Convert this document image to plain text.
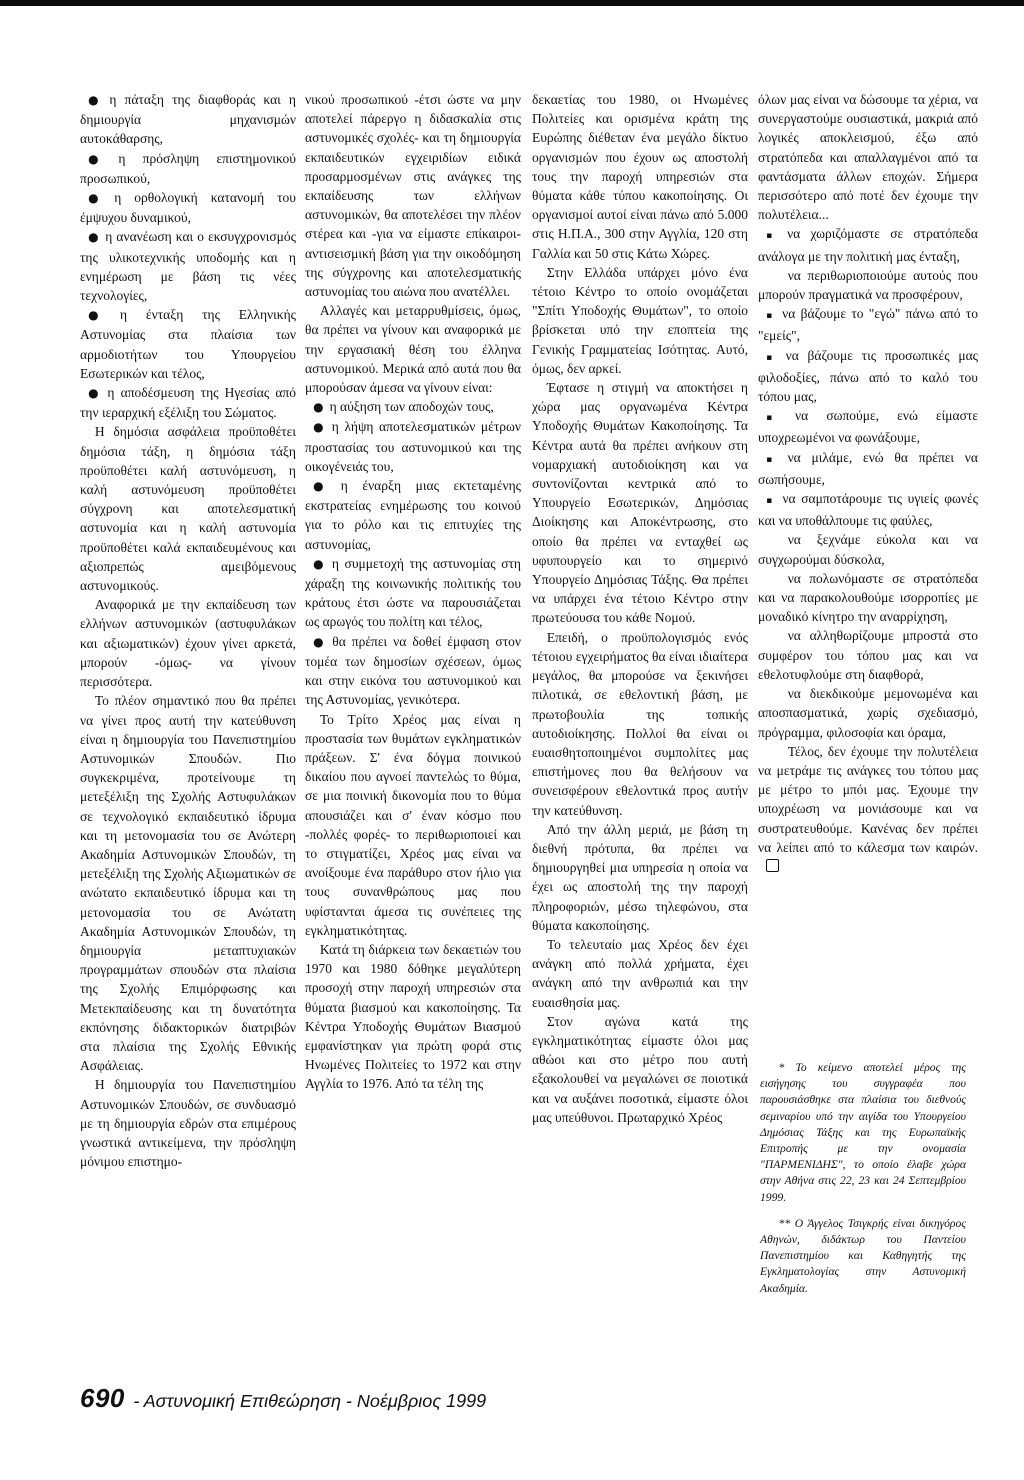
● η πάταξη της διαφθοράς και η δημιουργία μηχανισμών αυτοκάθαρσης,

● η πρόσληψη επιστημονικού προσωπικού,

● η ορθολογική κατανομή του έμψυχου δυναμικού,

● η ανανέωση και ο εκσυγχρονισμός της υλικοτεχνικής υποδομής και η ενημέρωση με βάση τις νέες τεχνολογίες,

● η ένταξη της Ελληνικής Αστυνομίας στα πλαίσια των αρμοδιοτήτων του Υπουργείου Εσωτερικών και τέλος,

● η αποδέσμευση της Ηγεσίας από την ιεραρχική εξέλιξη του Σώματος.

Η δημόσια ασφάλεια προϋποθέτει δημόσια τάξη, η δημόσια τάξη προϋποθέτει καλή αστυνόμευση, η καλή αστυνόμευση προϋποθέτει σύγχρονη και αποτελεσματική αστυνομία και η καλή αστυνομία προϋποθέτει καλά εκπαιδευμένους και αξιοπρεπώς αμειβόμενους αστυνομικούς.

Αναφορικά με την εκπαίδευση των ελλήνων αστυνομικών (αστυφυλάκων και αξιωματικών) έχουν γίνει αρκετά, μπορούν -όμως- να γίνουν περισσότερα.

Το πλέον σημαντικό που θα πρέπει να γίνει προς αυτή την κατεύθυνση είναι η δημιουργία του Πανεπιστημίου Αστυνομικών Σπουδών. Πιο συγκεκριμένα, προτείνουμε τη μετεξέλιξη της Σχολής Αστυφυλάκων σε τεχνολογικό εκπαιδευτικό ίδρυμα και τη μετονομασία του σε Ανώτερη Ακαδημία Αστυνομικών Σπουδών, τη μετεξέλιξη της Σχολής Αξιωματικών σε ανώτατο εκπαιδευτικό ίδρυμα και τη μετονομασία του σε Ανώτατη Ακαδημία Αστυνομικών Σπουδών, τη δημιουργία μεταπτυχιακών προγραμμάτων σπουδών στα πλαίσια της Σχολής Επιμόρφωσης και Μετεκπαίδευσης και τη δυνατότητα εκπόνησης διδακτορικών διατριβών στα πλαίσια της Σχολής Εθνικής Ασφάλειας.

Η δημιουργία του Πανεπιστημίου Αστυνομικών Σπουδών, σε συνδυασμό με τη δημιουργία εδρών στα επιμέρους γνωστικά αντικείμενα, την πρόσληψη μόνιμου επιστημο-

νικού προσωπικού -έτσι ώστε να μην αποτελεί πάρεργο η διδασκαλία στις αστυνομικές σχολές- και τη δημιουργία εκπαιδευτικών εγχειριδίων ειδικά προσαρμοσμένων στις ανάγκες της εκπαίδευσης των ελλήνων αστυνομικών, θα αποτελέσει την πλέον στέρεα και -για να είμαστε επίκαιροι- αντισεισμική βάση για την οικοδόμηση της σύγχρονης και αποτελεσματικής αστυνομίας του αιώνα που ανατέλλει.

Αλλαγές και μεταρρυθμίσεις, όμως, θα πρέπει να γίνουν και αναφορικά με την εργασιακή θέση του έλληνα αστυνομικού. Μερικά από αυτά που θα μπορούσαν άμεσα να γίνουν είναι:

● η αύξηση των αποδοχών τους,

● η λήψη αποτελεσματικών μέτρων προστασίας του αστυνομικού και της οικογένειάς του,

● η έναρξη μιας εκτεταμένης εκστρατείας ενημέρωσης του κοινού για το ρόλο και τις επιτυχίες της αστυνομίας,

● η συμμετοχή της αστυνομίας στη χάραξη της κοινωνικής πολιτικής του κράτους έτσι ώστε να παρουσιάζεται ως αρωγός του πολίτη και τέλος,

● θα πρέπει να δοθεί έμφαση στον τομέα των δημοσίων σχέσεων, όμως και στην εικόνα του αστυνομικού και της Αστυνομίας, γενικότερα.

Το Τρίτο Χρέος μας είναι η προστασία των θυμάτων εγκληματικών πράξεων. Σ' ένα δόγμα ποινικού δικαίου που αγνοεί παντελώς το θύμα, σε μια ποινική δικονομία που το θύμα απουσιάζει και σ' έναν κόσμο που -πολλές φορές- το περιθωριοποιεί και το στιγματίζει, Χρέος μας είναι να ανοίξουμε ένα παράθυρο στον ήλιο για τους συνανθρώπους μας που υφίστανται άμεσα τις συνέπειες της εγκληματικότητας.

Κατά τη διάρκεια των δεκαετιών του 1970 και 1980 δόθηκε μεγαλύτερη προσοχή στην παροχή υπηρεσιών στα θύματα βιασμού και κακοποίησης. Τα Κέντρα Υποδοχής Θυμάτων Βιασμού εμφανίστηκαν για πρώτη φορά στις Ηνωμένες Πολιτείες το 1972 και στην Αγγλία το 1976. Από τα τέλη της

δεκαετίας του 1980, οι Ηνωμένες Πολιτείες και ορισμένα κράτη της Ευρώπης διέθεταν ένα μεγάλο δίκτυο οργανισμών που έχουν ως αποστολή τους την παροχή υπηρεσιών στα θύματα κάθε τύπου κακοποίησης. Οι οργανισμοί αυτοί είναι πάνω από 5.000 στις Η.Π.Α., 300 στην Αγγλία, 120 στη Γαλλία και 50 στις Κάτω Χώρες.

Στην Ελλάδα υπάρχει μόνο ένα τέτοιο Κέντρο το οποίο ονομάζεται "Σπίτι Υποδοχής Θυμάτων", το οποίο βρίσκεται υπό την εποπτεία της Γενικής Γραμματείας Ισότητας. Αυτό, όμως, δεν αρκεί.

Έφτασε η στιγμή να αποκτήσει η χώρα μας οργανωμένα Κέντρα Υποδοχής Θυμάτων Κακοποίησης. Τα Κέντρα αυτά θα πρέπει ανήκουν στη νομαρχιακή αυτοδιοίκηση και να συντονίζονται κεντρικά από το Υπουργείο Εσωτερικών, Δημόσιας Διοίκησης και Αποκέντρωσης, στο οποίο θα πρέπει να ενταχθεί ως υφυπουργείο και το σημερινό Υπουργείο Δημόσιας Τάξης. Θα πρέπει να υπάρχει ένα τέτοιο Κέντρο στην πρωτεύουσα του κάθε Νομού.

Επειδή, ο προϋπολογισμός ενός τέτοιου εγχειρήματος θα είναι ιδιαίτερα μεγάλος, θα μπορούσε να ξεκινήσει πιλοτικά, σε εθελοντική βάση, με πρωτοβουλία της τοπικής αυτοδιοίκησης. Πολλοί θα είναι οι ευαισθητοποιημένοι συμπολίτες μας επιστήμονες που θα θελήσουν να συνεισφέρουν εθελοντικά προς αυτήν την κατεύθυνση.

Από την άλλη μεριά, με βάση τη διεθνή πρότυπα, θα πρέπει να δημιουργηθεί μια υπηρεσία η οποία να έχει ως αποστολή της την παροχή πληροφοριών, μέσω τηλεφώνου, στα θύματα κακοποίησης.

Το τελευταίο μας Χρέος δεν έχει ανάγκη από πολλά χρήματα, έχει ανάγκη από την ανθρωπιά και την ευαισθησία μας.

Στον αγώνα κατά της εγκληματικότητας είμαστε όλοι μας αθώοι και στο μέτρο που αυτή εξακολουθεί να μεγαλώνει σε ποιοτικά και να αυξάνει ποσοτικά, είμαστε όλοι μας υπεύθυνοι. Πρωταρχικό Χρέος

όλων μας είναι να δώσουμε τα χέρια, να συνεργαστούμε ουσιαστικά, μακριά από λογικές αποκλεισμού, έξω από στρατόπεδα και απαλλαγμένοι από τα φαντάσματα άλλων εποχών. Σήμερα περισσότερο από ποτέ δεν έχουμε την πολυτέλεια...

▪ να χωριζόμαστε σε στρατόπεδα ανάλογα με την πολιτική μας ένταξη,

να περιθωριοποιούμε αυτούς που μπορούν πραγματικά να προσφέρουν,

▪ να βάζουμε το "εγώ" πάνω από το "εμείς",

▪ να βάζουμε τις προσωπικές μας φιλοδοξίες, πάνω από το καλό του τόπου μας,

▪ να σωπούμε, ενώ είμαστε υποχρεωμένοι να φωνάξουμε,

▪ να μιλάμε, ενώ θα πρέπει να σωπήσουμε,

▪ να σαμποτάρουμε τις υγιείς φωνές και να υποθάλπουμε τις φαύλες,

να ξεχνάμε εύκολα και να συγχωρούμαι δύσκολα,

να πολωνόμαστε σε στρατόπεδα και να παρακολουθούμε ισορροπίες με μοναδικό κίνητρο την αναρρίχηση,

να αλληθωρίζουμε μπροστά στο συμφέρον του τόπου μας και να εθελοτυφλούμε στη διαφθορά,

να διεκδικούμε μεμονωμένα και αποσπασματικά, χωρίς σχεδιασμό, πρόγραμμα, φιλοσοφία και όραμα,

Τέλος, δεν έχουμε την πολυτέλεια να μετράμε τις ανάγκες του τόπου μας με μέτρο το μπόι μας. Έχουμε την υποχρέωση να μονιάσουμε και να συστρατευθούμε. Κανένας δεν πρέπει να λείπει από το κάλεσμα των καιρών.

* Το κείμενο αποτελεί μέρος της εισήγησης του συγγραφέα που παρουσιάσθηκε στα πλαίσια του διεθνούς σεμιναρίου υπό την αιγίδα του Υπουργείου Δημόσιας Τάξης και της Ευρωπαϊκής Επιτροπής με την ονομασία "ΠΑΡΜΕΝΙΔΗΣ", το οποίο έλαβε χώρα στην Αθήνα στις 22, 23 και 24 Σεπτεμβρίου 1999.

** Ο Άγγελος Τσιγκρής είναι δικηγόρος Αθηνών, διδάκτωρ του Παντείου Πανεπιστημίου και Καθηγητής της Εγκληματολογίας στην Αστυνομική Ακαδημία.

690 - Αστυνομική Επιθεώρηση - Νοέμβριος 1999
